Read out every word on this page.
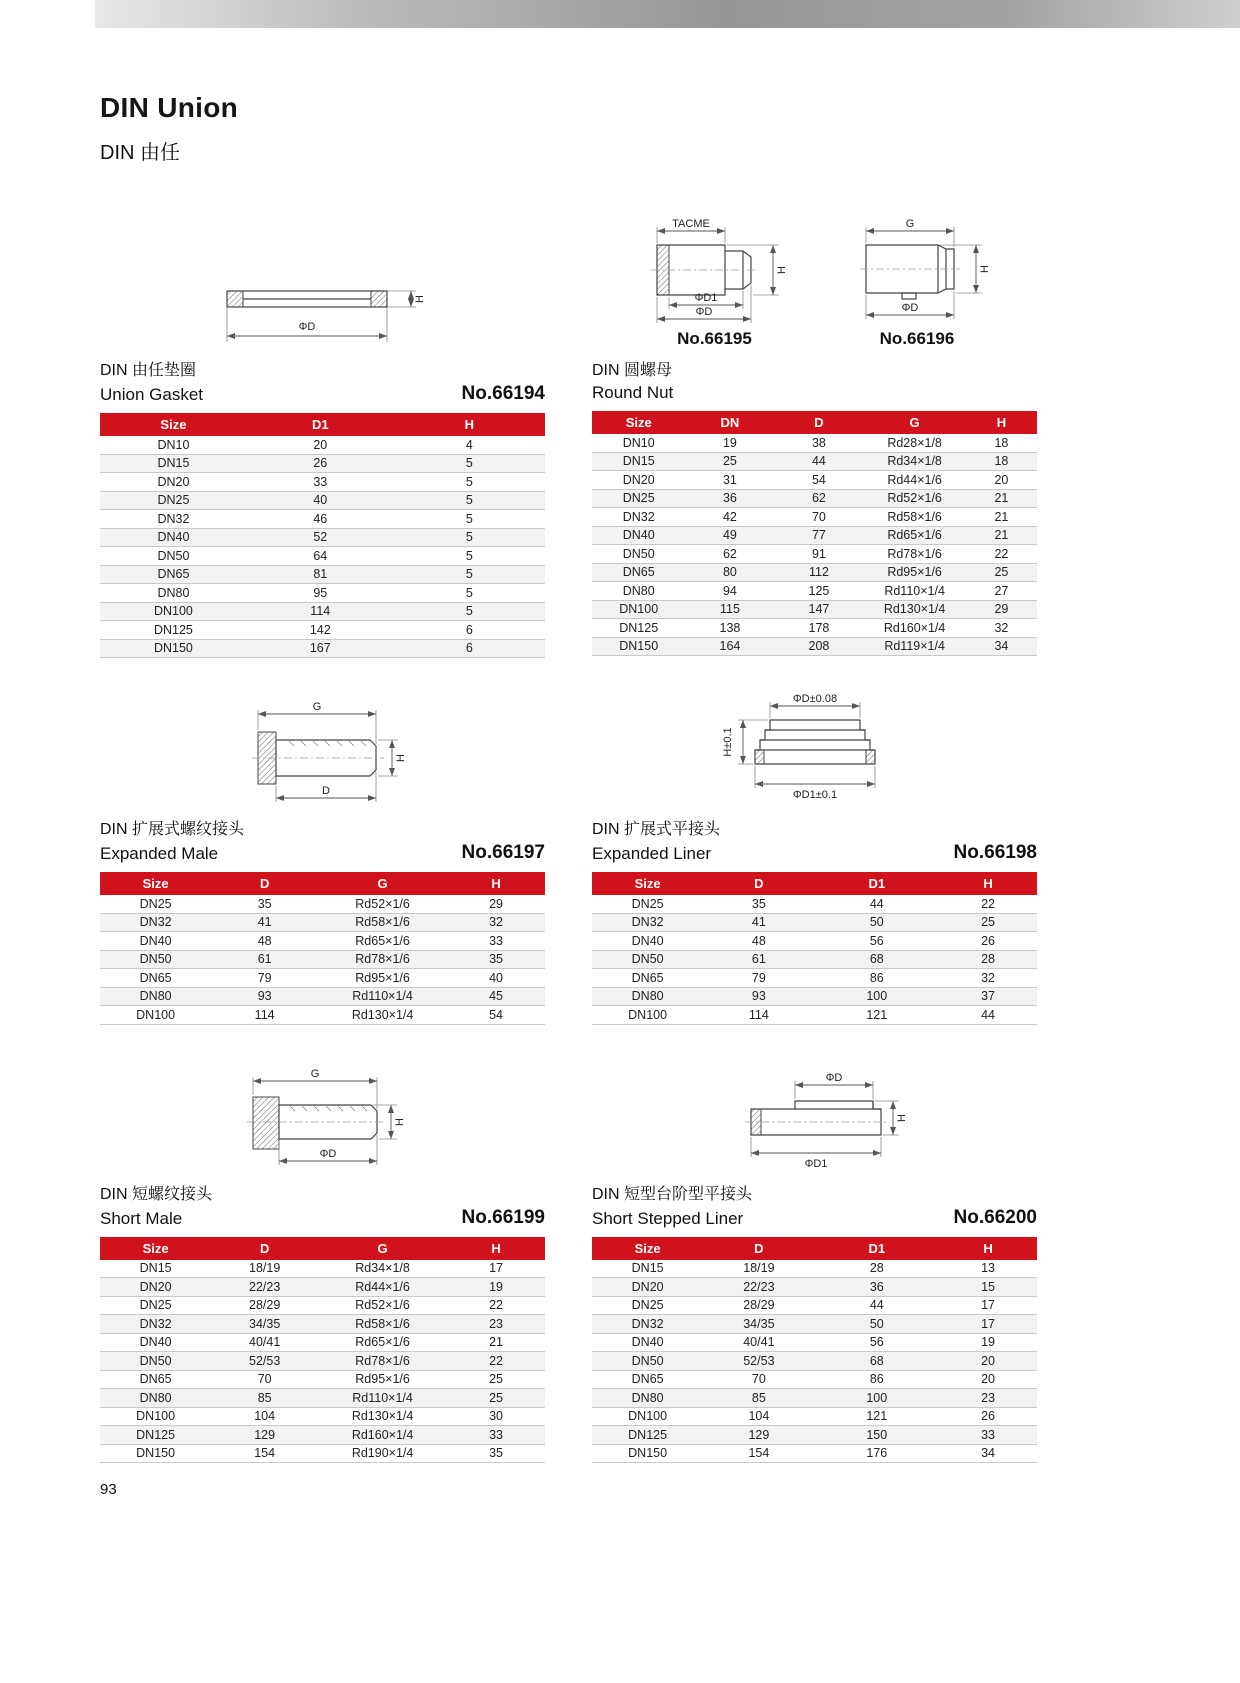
DIN Union
DIN 由任
H
ΦD
DIN 由任垫圈
Union Gasket	No.66194
Size	D1	H
DN10	20	4
DN15	26	5
DN20	33	5
DN25	40	5
DN32	46	5
DN40	52	5
DN50	64	5
DN65	81	5
DN80	95	5
DN100	114	5
DN125	142	6
DN150	167	6
TACME
H
ΦD1
ΦD
No.66195
G
H
ΦD
No.66196
DIN 圆螺母
Round Nut
Size	DN	D	G	H
DN10	19	38	Rd28×1/8	18
DN15	25	44	Rd34×1/8	18
DN20	31	54	Rd44×1/6	20
DN25	36	62	Rd52×1/6	21
DN32	42	70	Rd58×1/6	21
DN40	49	77	Rd65×1/6	21
DN50	62	91	Rd78×1/6	22
DN65	80	112	Rd95×1/6	25
DN80	94	125	Rd110×1/4	27
DN100	115	147	Rd130×1/4	29
DN125	138	178	Rd160×1/4	32
DN150	164	208	Rd119×1/4	34
G
H
D
DIN 扩展式螺纹接头
Expanded Male	No.66197
Size	D	G	H
DN25	35	Rd52×1/6	29
DN32	41	Rd58×1/6	32
DN40	48	Rd65×1/6	33
DN50	61	Rd78×1/6	35
DN65	79	Rd95×1/6	40
DN80	93	Rd110×1/4	45
DN100	114	Rd130×1/4	54
ΦD±0.08
H±0.1
ΦD1±0.1
DIN 扩展式平接头
Expanded Liner	No.66198
Size	D	D1	H
DN25	35	44	22
DN32	41	50	25
DN40	48	56	26
DN50	61	68	28
DN65	79	86	32
DN80	93	100	37
DN100	114	121	44
G
ΦD
H
DIN 短螺纹接头
Short Male	No.66199
Size	D	G	H
DN15	18/19	Rd34×1/8	17
DN20	22/23	Rd44×1/6	19
DN25	28/29	Rd52×1/6	22
DN32	34/35	Rd58×1/6	23
DN40	40/41	Rd65×1/6	21
DN50	52/53	Rd78×1/6	22
DN65	70	Rd95×1/6	25
DN80	85	Rd110×1/4	25
DN100	104	Rd130×1/4	30
DN125	129	Rd160×1/4	33
DN150	154	Rd190×1/4	35
ΦD
ΦD1
H
DIN 短型台阶型平接头
Short Stepped Liner	No.66200
Size	D	D1	H
DN15	18/19	28	13
DN20	22/23	36	15
DN25	28/29	44	17
DN32	34/35	50	17
DN40	40/41	56	19
DN50	52/53	68	20
DN65	70	86	20
DN80	85	100	23
DN100	104	121	26
DN125	129	150	33
DN150	154	176	34
93
